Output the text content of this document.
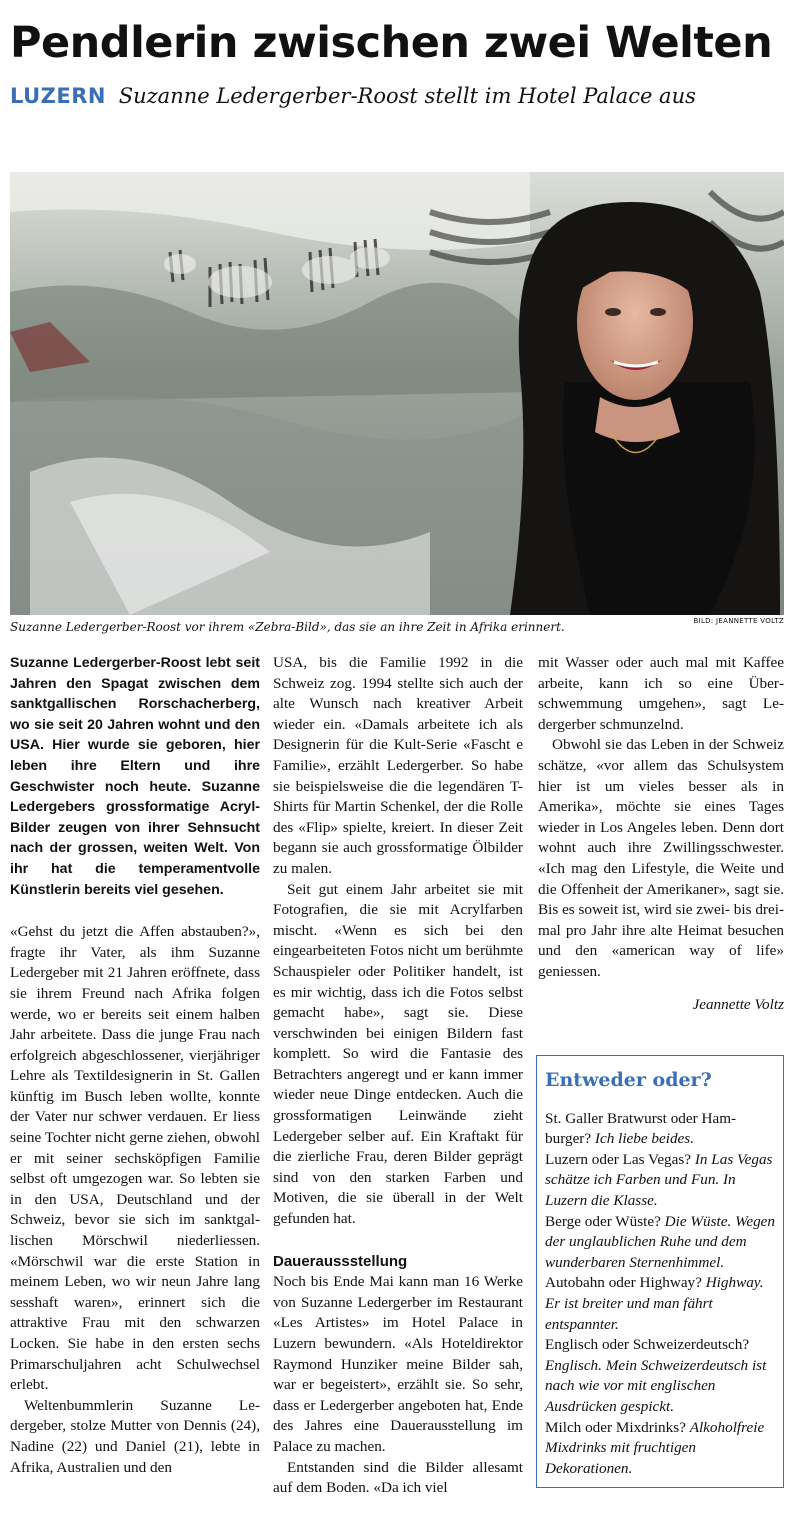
Pendlerin zwischen zwei Welten
LUZERN Suzanne Ledergerber-Roost stellt im Hotel Palace aus
Suzanne Ledergerber-Roost vor ihrem «Zebra-Bild», das sie an ihre Zeit in Afrika erinnert.	BILD: JEANNETTE VOLTZ

Suzanne Ledergerber-Roost lebt seit Jahren den Spagat zwischen dem sanktgallischen Rorschacherberg, wo sie seit 20 Jahren wohnt und den USA. Hier wurde sie geboren, hier leben ihre Eltern und ihre Geschwister noch heute. Suzanne Ledergebers grossformatige Acryl-Bilder zeugen von ihrer Sehnsucht nach der grossen, weiten Welt. Von ihr hat die temperamentvolle Künstlerin bereits viel gesehen.

«Gehst du jetzt die Affen abstauben?», fragte ihr Vater, als ihm Suzanne Ledergeber mit 21 Jahren eröffnete, dass sie ihrem Freund nach Afrika folgen werde, wo er bereits seit einem halben Jahr arbeitete. Dass die junge Frau nach erfolgreich abgeschlossener, vierjähriger Lehre als Textildesignerin in St. Gallen künftig im Busch leben wollte, konnte der Vater nur schwer verdauen. Er liess seine Tochter nicht gerne ziehen, obwohl er mit seiner sechsköpfigen Familie selbst oft umgezogen war. So lebten sie in den USA, Deutschland und der Schweiz, bevor sie sich im sanktgallischen Mörschwil niederliessen. «Mörschwil war die erste Station in meinem Leben, wo wir neun Jahre lang sesshaft waren», erinnert sich die attraktive Frau mit den schwarzen Locken. Sie habe in den ersten sechs Primarschuljahren acht Schulwechsel erlebt.

Weltenbummlerin Suzanne Ledergeber, stolze Mutter von Dennis (24), Nadine (22) und Daniel (21), lebte in Afrika, Australien und den

USA, bis die Familie 1992 in die Schweiz zog. 1994 stellte sich auch der alte Wunsch nach kreativer Arbeit wieder ein. «Damals arbeitete ich als Designerin für die Kult-Serie «Fascht e Familie», erzählt Ledergerber. So habe sie beispielsweise die die legendären T-Shirts für Martin Schenkel, der die Rolle des «Flip» spielte, kreiert. In dieser Zeit begann sie auch grossformatige Ölbilder zu malen.

Seit gut einem Jahr arbeitet sie mit Fotografien, die sie mit Acrylfarben mischt. «Wenn es sich bei den eingearbeiteten Fotos nicht um berühmte Schauspieler oder Politiker handelt, ist es mir wichtig, dass ich die Fotos selbst gemacht habe», sagt sie. Diese verschwinden bei einigen Bildern fast komplett. So wird die Fantasie des Betrachters angeregt und er kann immer wieder neue Dinge entdecken. Auch die grossformatigen Leinwände zieht Ledergeber selber auf. Ein Kraftakt für die zierliche Frau, deren Bilder geprägt sind von den starken Farben und Motiven, die sie überall in der Welt gefunden hat.

Daueraussstellung

Noch bis Ende Mai kann man 16 Werke von Suzanne Ledergerber im Restaurant «Les Artistes» im Hotel Palace in Luzern bewundern. «Als Hoteldirektor Raymond Hunziker meine Bilder sah, war er begeistert», erzählt sie. So sehr, dass er Ledergerber angeboten hat, Ende des Jahres eine Dauerausstellung im Palace zu machen.

Entstanden sind die Bilder allesamt auf dem Boden. «Da ich viel

mit Wasser oder auch mal mit Kaffee arbeite, kann ich so eine Überschwemmung umgehen», sagt Ledergerber schmunzelnd.

Obwohl sie das Leben in der Schweiz schätze, «vor allem das Schulsystem hier ist um vieles besser als in Amerika», möchte sie eines Tages wieder in Los Angeles leben. Denn dort wohnt auch ihre Zwillingsschwester. «Ich mag den Lifestyle, die Weite und die Offenheit der Amerikaner», sagt sie. Bis es soweit ist, wird sie zwei- bis dreimal pro Jahr ihre alte Heimat besuchen und den «american way of life» geniessen.

Jeannette Voltz

Entweder oder?
St. Galler Bratwurst oder Hamburger? Ich liebe beides.
Luzern oder Las Vegas? In Las Vegas schätze ich Farben und Fun. In Luzern die Klasse.
Berge oder Wüste? Die Wüste. Wegen der unglaublichen Ruhe und dem wunderbaren Sternenhimmel.
Autobahn oder Highway? Highway. Er ist breiter und man fährt entspannter.
Englisch oder Schweizerdeutsch? Englisch. Mein Schweizerdeutsch ist nach wie vor mit englischen Ausdrücken gespickt.
Milch oder Mixdrinks? Alkoholfreie Mixdrinks mit fruchtigen Dekorationen.
